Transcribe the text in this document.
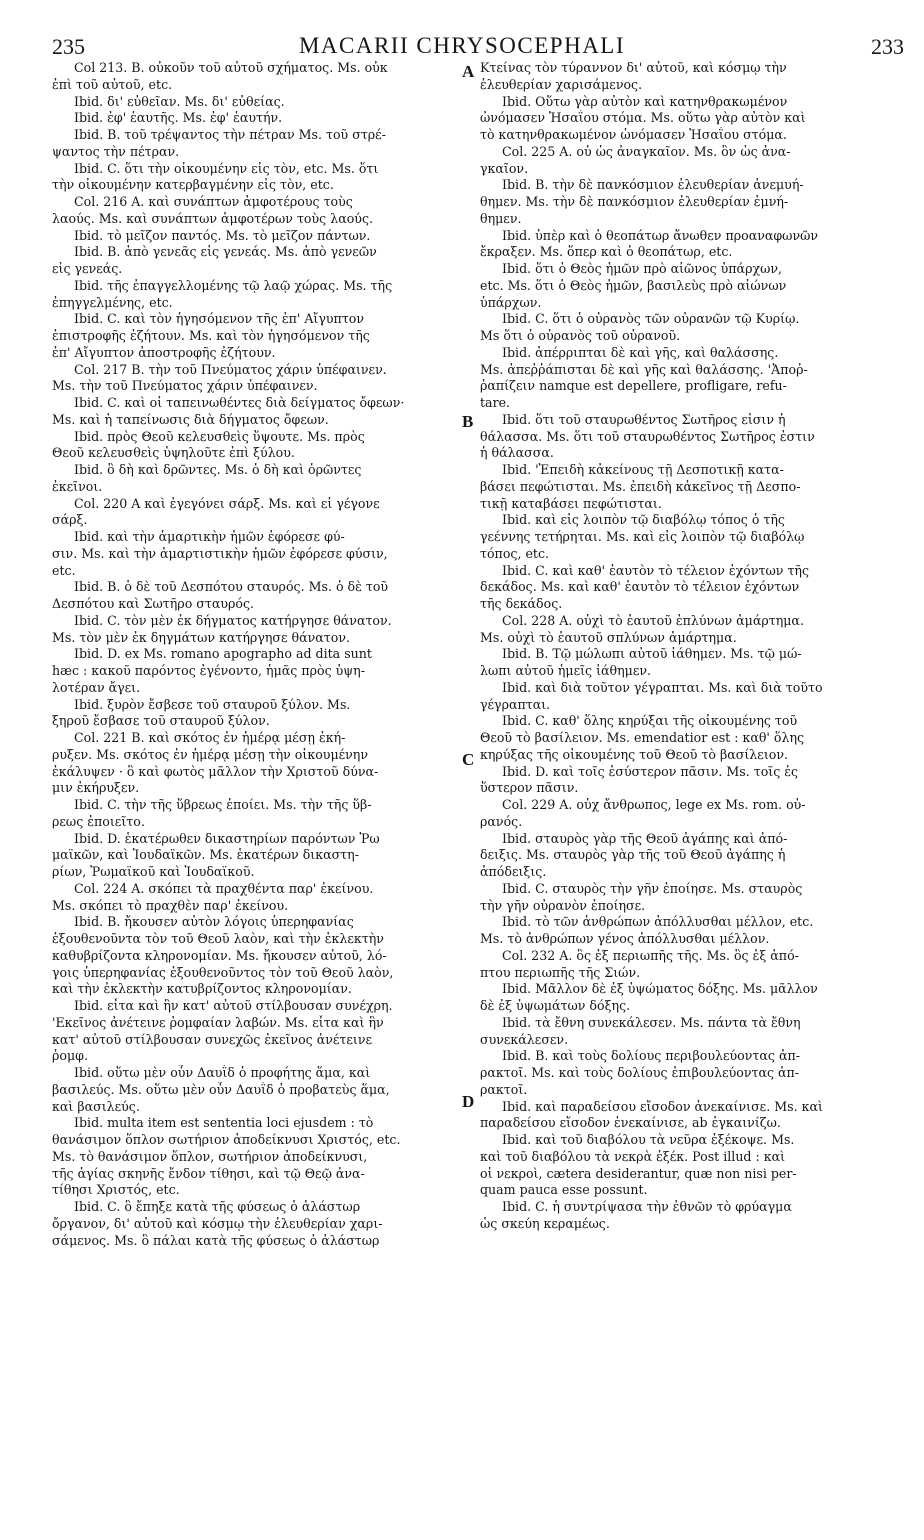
235	MACARII CHRYSOCEPHALI	233
A
B
C
D
Col 213. B. οὐκοῦν τοῦ αὐτοῦ σχήματος. Ms. οὐκ
ἐπὶ τοῦ αὐτοῦ, etc.
Ibid. δι' εὐθεῖαν. Ms. δι' εὐθείας.
Ibid. ἐφ' ἑαυτῆς. Ms. ἐφ' ἑαυτήν.
Ibid. B. τοῦ τρέψαντος τὴν πέτραν Ms. τοῦ στρέ-
ψαντος τὴν πέτραν.
Ibid. C. ὅτι τὴν οἰκουμένην εἰς τὸν, etc. Ms. ὅτι
τὴν οἰκουμένην κατερβαγμένην εἰς τὸν, etc.
Col. 216 A. καὶ συνάπτων ἀμφοτέρους τοὺς
λαούς. Ms. καὶ συνάπτων ἀμφοτέρων τοὺς λαούς.
Ibid. τὸ μεῖζον παντός. Ms. τὸ μεῖζον πάντων.
Ibid. B. ἀπὸ γενεᾶς εἰς γενεάς. Ms. ἀπὸ γενεῶν
εἰς γενεάς.
Ibid. τῆς ἐπαγγελλομένης τῷ λαῷ χώρας. Ms. τῆς
ἐπηγγελμένης, etc.
Ibid. C. καὶ τὸν ἡγησόμενον τῆς ἐπ' Αἴγυπτον
ἐπιστροφῆς ἐζήτουν. Ms. καὶ τὸν ἡγησόμενον τῆς
ἐπ' Αἴγυπτον ἀποστροφῆς ἐζήτουν.
Col. 217 B. τὴν τοῦ Πνεύματος χάριν ὑπέφαινεν.
Ms. τὴν τοῦ Πνεύματος χάριν ὑπέφαινεν.
Ibid. C. καὶ οἱ ταπεινωθέντες διὰ δείγματος ὄφεων·
Ms. καὶ ἡ ταπείνωσις διὰ δήγματος ὄφεων.
Ibid. πρὸς Θεοῦ κελευσθεὶς ὕψουτε. Ms. πρὸς
Θεοῦ κελευσθεὶς ὑψηλοῦτε ἐπὶ ξύλου.
Ibid. ὃ δὴ καὶ δρῶντες. Ms. ὁ δὴ καὶ ὁρῶντες
ἐκεῖνοι.
Col. 220 A καὶ ἐγεγόνει σάρξ. Ms. καὶ εἰ γέγονε
σάρξ.
Ibid. καὶ τὴν ἁμαρτικὴν ἡμῶν ἐφόρεσε φύ-
σιν. Ms. καὶ τὴν ἁμαρτιστικὴν ἡμῶν ἐφόρεσε φύσιν,
etc.
Ibid. B. ὁ δὲ τοῦ Δεσπότου σταυρός. Ms. ὁ δὲ τοῦ
Δεσπότου καὶ Σωτῆρο σταυρός.
Ibid. C. τὸν μὲν ἐκ δήγματος κατήργησε θάνατον.
Ms. τὸν μὲν ἐκ δηγμάτων κατήργησε θάνατον.
Ibid. D. ex Ms. romano apographo ad dita sunt
hæc : κακοῦ παρόντος ἐγένοντο, ἡμᾶς πρὸς ὑψη-
λοτέραν ἄγει.
Ibid. ξυρὸν ἔσβεσε τοῦ σταυροῦ ξύλον. Ms.
ξηροῦ ἔσβασε τοῦ σταυροῦ ξύλον.
Col. 221 B. καὶ σκότος ἐν ἡμέρᾳ μέσῃ ἐκή-
ρυξεν. Ms. σκότος ἐν ἡμέρᾳ μέσῃ τὴν οἰκουμένην
ἐκάλυψεν · ὃ καὶ φωτὸς μᾶλλον τὴν Χριστοῦ δύνα-
μιν ἐκήρυξεν.
Ibid. C. τὴν τῆς ὕβρεως ἐποίει. Ms. τὴν τῆς ὕβ-
ρεως ἐποιεῖτο.
Ibid. D. ἑκατέρωθεν δικαστηρίων παρόντων Ῥω
μαϊκῶν, καὶ Ἰουδαϊκῶν. Ms. ἑκατέρων δικαστη-
ρίων, Ῥωμαϊκοῦ καὶ Ἰουδαϊκοῦ.
Col. 224 A. σκόπει τὰ πραχθέντα παρ' ἐκείνου.
Ms. σκόπει τὸ πραχθὲν παρ' ἐκείνου.
Ibid. B. ἤκουσεν αὐτὸν λόγοις ὑπερηφανίας
ἐξουθενοῦντα τὸν τοῦ Θεοῦ λαὸν, καὶ τὴν ἐκλεκτὴν
καθυβρίζοντα κληρονομίαν. Ms. ἤκουσεν αὐτοῦ, λό-
γοις ὑπερηφανίας ἐξουθενοῦντος τὸν τοῦ Θεοῦ λαὸν,
καὶ τὴν ἐκλεκτὴν κατυβρίζοντος κληρονομίαν.
Ibid. εἶτα καὶ ἣν κατ' αὐτοῦ στίλβουσαν συνέχρη.
'Εκεῖνος ἀνέτεινε ῥομφαίαν λαβών. Ms. εἶτα καὶ ἣν
κατ' αὐτοῦ στίλβουσαν συνεχῶς ἐκεῖνος ἀνέτεινε
ῥομφ.
Ibid. οὕτω μὲν οὖν Δαυῒδ ὁ προφήτης ἅμα, καὶ
βασιλεύς. Ms. οὕτω μὲν οὖν Δαυῒδ ὁ προβατεὺς ἅμα,
καὶ βασιλεύς.
Ibid. multa item est sententia loci ejusdem : τὸ
θανάσιμον ὅπλον σωτήριον ἀποδείκνυσι Χριστός, etc.
Ms. τὸ θανάσιμον ὅπλον, σωτήριον ἀποδείκνυσι,
τῆς ἁγίας σκηνῆς ἔνδον τίθησι, καὶ τῷ Θεῷ ἀνα-
τίθησι Χριστός, etc.
Ibid. C. ὃ ἔπηξε κατὰ τῆς φύσεως ὁ ἀλάστωρ
ὄργανον, δι' αὐτοῦ καὶ κόσμῳ τὴν ἐλευθερίαν χαρι-
σάμενος. Ms. ὃ πάλαι κατὰ τῆς φύσεως ὁ ἀλάστωρ
Κτείνας τὸν τύραννον δι' αὐτοῦ, καὶ κόσμῳ τὴν
ἐλευθερίαν χαρισάμενος.
Ibid. Οὕτω γὰρ αὐτὸν καὶ κατηνθρακωμένον
ὠνόμασεν Ἡσαΐου στόμα. Ms. οὕτω γὰρ αὐτὸν καὶ
τὸ κατηνθρακωμένον ὠνόμασεν Ἡσαΐου στόμα.
Col. 225 A. οὐ ὡς ἀναγκαῖον. Ms. ὃν ὡς ἀνα-
γκαῖον.
Ibid. B. τὴν δὲ πανκόσμιον ἐλευθερίαν ἀνεμυή-
θημεν. Ms. τὴν δὲ πανκόσμιον ἐλευθερίαν ἐμνή-
θημεν.
Ibid. ὑπὲρ καὶ ὁ θεοπάτωρ ἄνωθεν προαναφωνῶν
ἔκραξεν. Ms. ὅπερ καὶ ὁ θεοπάτωρ, etc.
Ibid. ὅτι ὁ Θεὸς ἡμῶν πρὸ αἰῶνος ὑπάρχων,
etc. Ms. ὅτι ὁ Θεὸς ἡμῶν, βασιλεὺς πρὸ αἰώνων
ὑπάρχων.
Ibid. C. ὅτι ὁ οὐρανὸς τῶν οὐρανῶν τῷ Κυρίῳ.
Ms ὅτι ὁ οὐρανὸς τοῦ οὐρανοῦ.
Ibid. ἀπέρριπται δὲ καὶ γῆς, καὶ θαλάσσης.
Ms. ἀπεῤῥάπισται δὲ καὶ γῆς καὶ θαλάσσης. 'Ἀποῤ-
ῥαπίζειν namque est depellere, profligare, refu-
tare.
Ibid. ὅτι τοῦ σταυρωθέντος Σωτῆρος εἰσιν ἡ
θάλασσα. Ms. ὅτι τοῦ σταυρωθέντος Σωτῆρος ἐστιν
ἡ θάλασσα.
Ibid. 'Ἐπειδὴ κἀκείνους τῇ Δεσποτικῇ κατα-
βάσει πεφώτισται. Ms. ἐπειδὴ κἀκεῖνος τῇ Δεσπο-
τικῇ καταβάσει πεφώτισται.
Ibid. καὶ εἰς λοιπὸν τῷ διαβόλῳ τόπος ὁ τῆς
γεέννης τετήρηται. Ms. καὶ εἰς λοιπὸν τῷ διαβόλῳ
τόπος, etc.
Ibid. C. καὶ καθ' ἑαυτὸν τὸ τέλειον ἐχόντων τῆς
δεκάδος. Ms. καὶ καθ' ἑαυτὸν τὸ τέλειον ἐχόντων
τῆς δεκάδος.
Col. 228 A. οὐχὶ τὸ ἑαυτοῦ ἐπλύνων ἁμάρτημα.
Ms. οὐχὶ τὸ ἑαυτοῦ σπλύνων ἁμάρτημα.
Ibid. B. Τῷ μώλωπι αὐτοῦ ἰάθημεν. Ms. τῷ μώ-
λωπι αὐτοῦ ἡμεῖς ἰάθημεν.
Ibid. καὶ διὰ τοῦτον γέγραπται. Ms. καὶ διὰ τοῦτο
γέγραπται.
Ibid. C. καθ' ὅλης κηρύξαι τῆς οἰκουμένης τοῦ
Θεοῦ τὸ βασίλειον. Ms. emendatior est : καθ' ὅλης
κηρύξας τῆς οἰκουμένης τοῦ Θεοῦ τὸ βασίλειον.
Ibid. D. καὶ τοῖς ἐσύστερον πᾶσιν. Ms. τοῖς ἐς
ὕστερον πᾶσιν.
Col. 229 A. οὐχ ἄνθρωπος, lege ex Ms. rom. οὐ-
ρανός.
Ibid. σταυρὸς γὰρ τῆς Θεοῦ ἀγάπης καὶ ἀπό-
δειξις. Ms. σταυρὸς γὰρ τῆς τοῦ Θεοῦ ἀγάπης ἡ
ἀπόδειξις.
Ibid. C. σταυρὸς τὴν γῆν ἐποίησε. Ms. σταυρὸς
τὴν γῆν οὐρανὸν ἐποίησε.
Ibid. τὸ τῶν ἀνθρώπων ἀπόλλυσθαι μέλλον, etc.
Ms. τὸ ἀνθρώπων γένος ἀπόλλυσθαι μέλλον.
Col. 232 A. ὃς ἐξ περιωπῆς τῆς. Ms. ὃς ἐξ ἀπό-
πτου περιωπῆς τῆς Σιών.
Ibid. Μᾶλλον δὲ ἐξ ὑψώματος δόξης. Ms. μᾶλλον
δὲ ἐξ ὑψωμάτων δόξης.
Ibid. τὰ ἔθνη συνεκάλεσεν. Ms. πάντα τὰ ἔθνη
συνεκάλεσεν.
Ibid. B. καὶ τοὺς δολίους περιβουλεύοντας ἀπ-
ρακτοῖ. Ms. καὶ τοὺς δολίους ἐπιβουλεύοντας ἀπ-
ρακτοῖ.
Ibid. καὶ παραδείσου εἴσοδον ἀνεκαίνισε. Ms. καὶ
παραδείσου εἴσοδον ἐνεκαίνισε, ab ἐγκαινίζω.
Ibid. καὶ τοῦ διαβόλου τὰ νεῦρα ἐξέκοψε. Ms.
καὶ τοῦ διαβόλου τὰ νεκρὰ ἐξέκ. Post illud : καὶ
οἱ νεκροὶ, cætera desiderantur, quæ non nisi per-
quam pauca esse possunt.
Ibid. C. ἡ συντρίψασα τὴν ἐθνῶν τὸ φρύαγμα
ὡς σκεύη κεραμέως.
